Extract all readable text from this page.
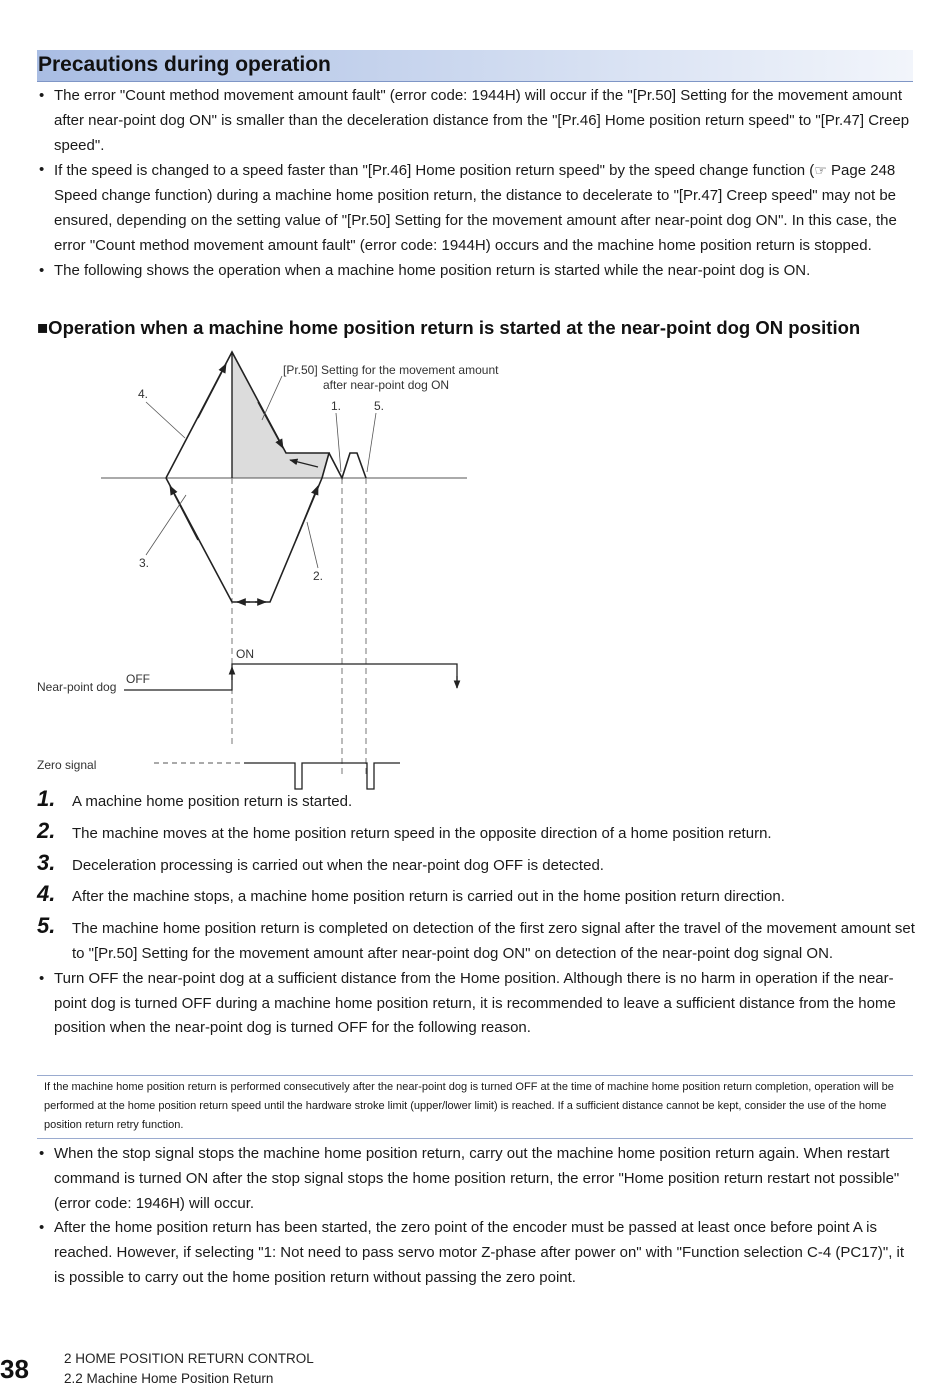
Precautions during operation
• The error "Count method movement amount fault" (error code: 1944H) will occur if the "[Pr.50] Setting for the movement amount after near-point dog ON" is smaller than the deceleration distance from the "[Pr.46] Home position return speed" to "[Pr.47] Creep speed".
• If the speed is changed to a speed faster than "[Pr.46] Home position return speed" by the speed change function (☞ Page 248 Speed change function) during a machine home position return, the distance to decelerate to "[Pr.47] Creep speed" may not be ensured, depending on the setting value of "[Pr.50] Setting for the movement amount after near-point dog ON". In this case, the error "Count method movement amount fault" (error code: 1944H) occurs and the machine home position return is stopped.
• The following shows the operation when a machine home position return is started while the near-point dog is ON.
■Operation when a machine home position return is started at the near-point dog ON position
[Pr.50] Setting for the movement amount
after near-point dog ON
4.
1.	5.
3.
2.
ON
OFF
Near-point dog
Zero signal
1. A machine home position return is started.
2. The machine moves at the home position return speed in the opposite direction of a home position return.
3. Deceleration processing is carried out when the near-point dog OFF is detected.
4. After the machine stops, a machine home position return is carried out in the home position return direction.
5. The machine home position return is completed on detection of the first zero signal after the travel of the movement amount set to "[Pr.50] Setting for the movement amount after near-point dog ON" on detection of the near-point dog signal ON.
• Turn OFF the near-point dog at a sufficient distance from the Home position. Although there is no harm in operation if the near-point dog is turned OFF during a machine home position return, it is recommended to leave a sufficient distance from the home position when the near-point dog is turned OFF for the following reason.
If the machine home position return is performed consecutively after the near-point dog is turned OFF at the time of machine home position return completion, operation will be performed at the home position return speed until the hardware stroke limit (upper/lower limit) is reached. If a sufficient distance cannot be kept, consider the use of the home position return retry function.
• When the stop signal stops the machine home position return, carry out the machine home position return again. When restart command is turned ON after the stop signal stops the home position return, the error "Home position return restart not possible" (error code: 1946H) will occur.
• After the home position return has been started, the zero point of the encoder must be passed at least once before point A is reached. However, if selecting "1: Not need to pass servo motor Z-phase after power on" with "Function selection C-4 (PC17)", it is possible to carry out the home position return without passing the zero point.
38	2 HOME POSITION RETURN CONTROL
2.2 Machine Home Position Return
